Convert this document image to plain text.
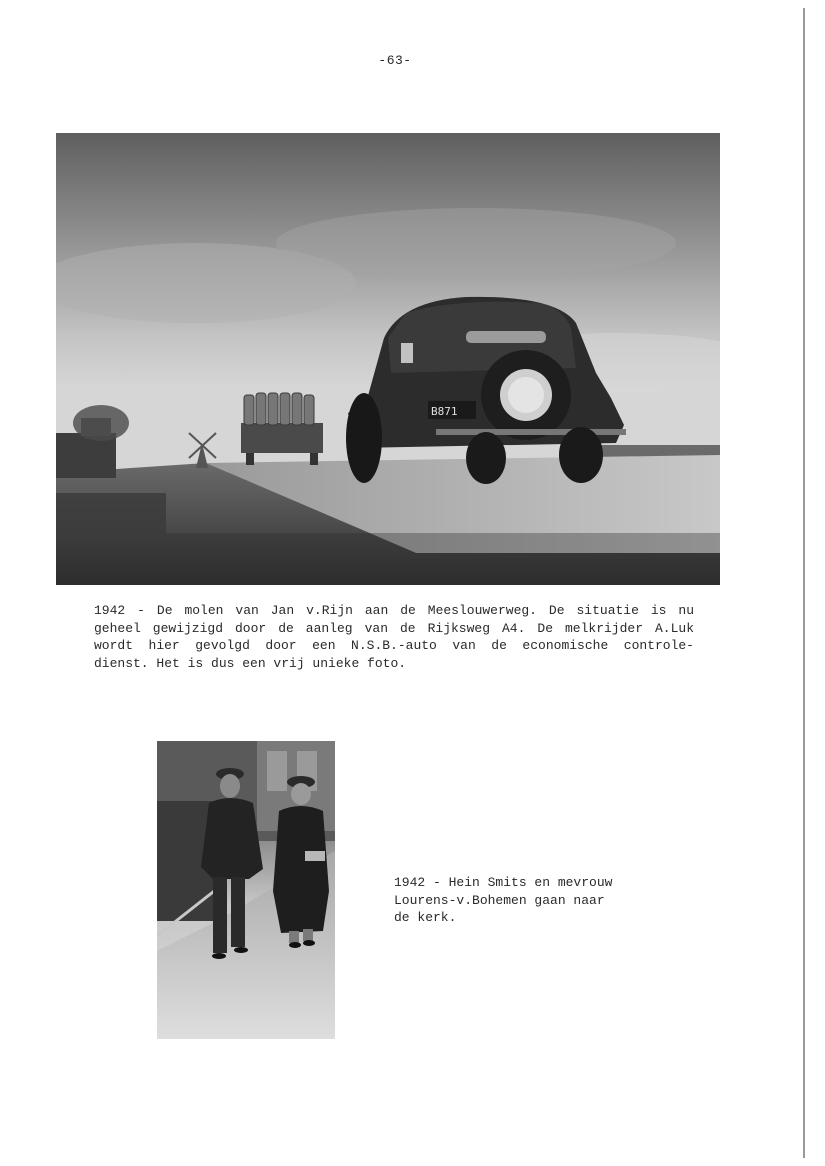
-63-
B871

1942 - De molen van Jan v.Rijn aan de Meeslouwerweg. De situatie is nu
geheel gewijzigd door de aanleg van de Rijksweg A4. De melkrijder A.Luk
wordt hier gevolgd door een N.S.B.-auto van de economische controle-
dienst. Het is dus een vrij unieke foto.

1942 - Hein Smits en mevrouw
Lourens-v.Bohemen gaan naar
de kerk.
